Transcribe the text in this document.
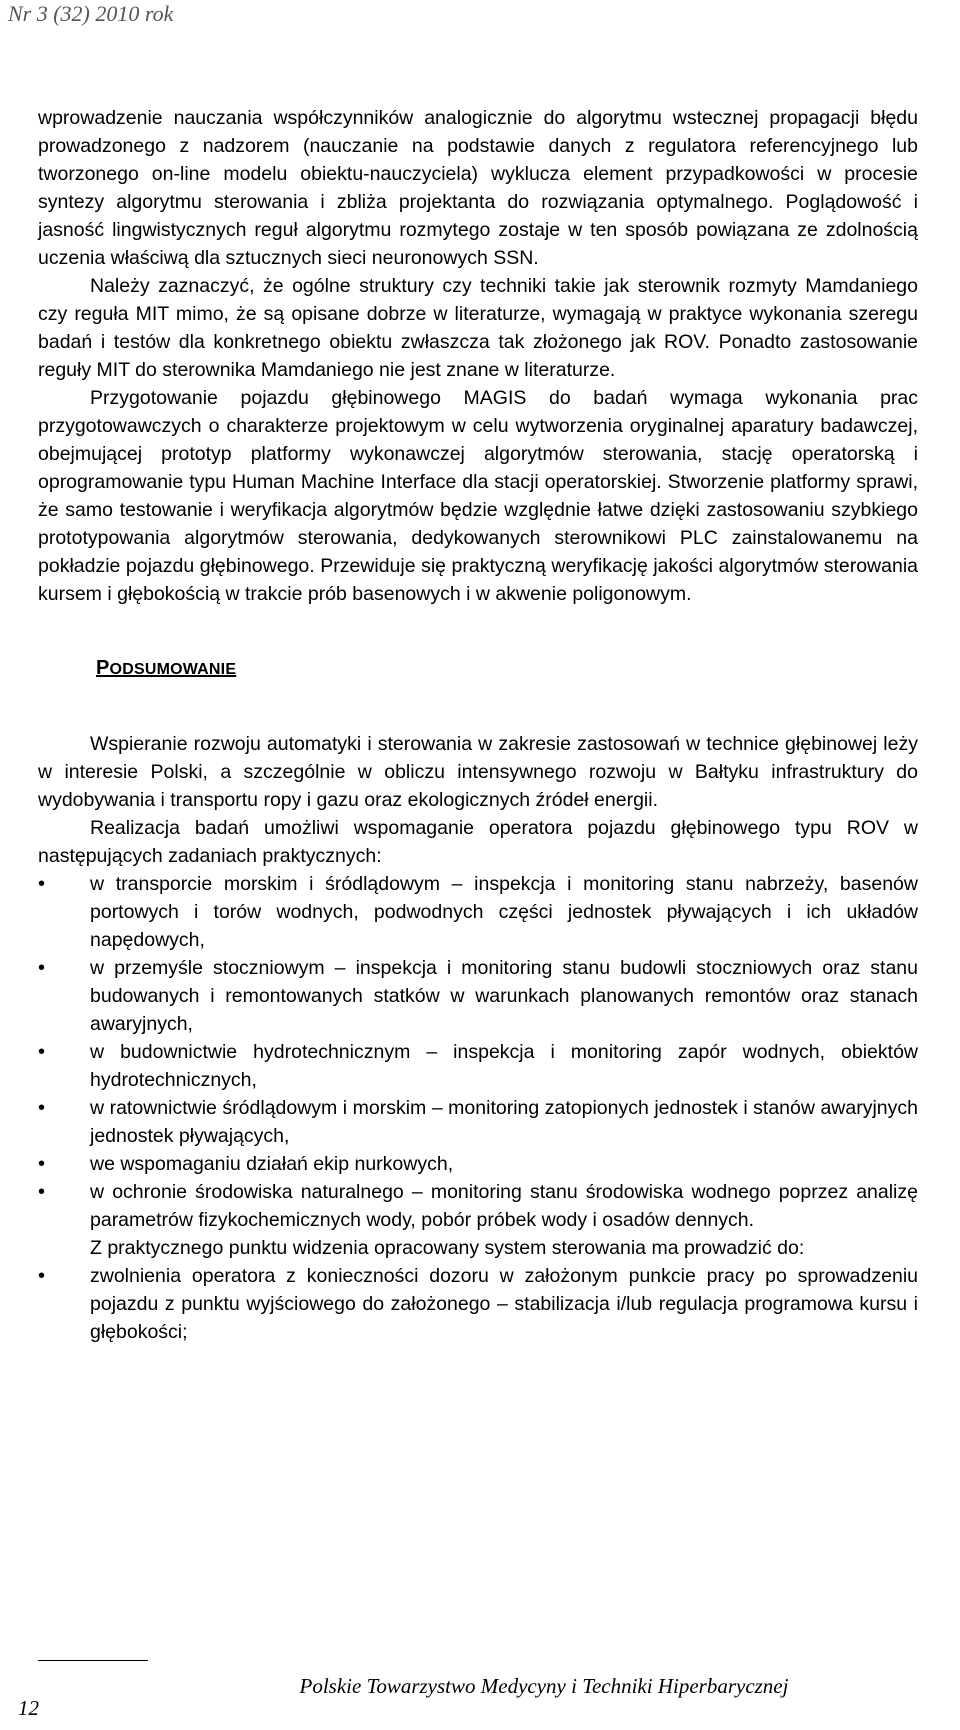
Nr 3 (32) 2010 rok

wprowadzenie nauczania współczynników analogicznie do algorytmu wstecznej propagacji błędu prowadzonego z nadzorem (nauczanie na podstawie danych z regulatora referencyjnego lub tworzonego on-line modelu obiektu-nauczyciela) wyklucza element przypadkowości w procesie syntezy algorytmu sterowania i zbliża projektanta do rozwiązania optymalnego. Poglądowość i jasność lingwistycznych reguł algorytmu rozmytego zostaje w ten sposób powiązana ze zdolnością uczenia właściwą dla sztucznych sieci neuronowych SSN.

Należy zaznaczyć, że ogólne struktury czy techniki takie jak sterownik rozmyty Mamdaniego czy reguła MIT mimo, że są opisane dobrze w literaturze, wymagają w praktyce wykonania szeregu badań i testów dla konkretnego obiektu zwłaszcza tak złożonego jak ROV. Ponadto zastosowanie reguły MIT do sterownika Mamdaniego nie jest znane w literaturze.

Przygotowanie pojazdu głębinowego MAGIS do badań wymaga wykonania prac przygotowawczych o charakterze projektowym w celu wytworzenia oryginalnej aparatury badawczej, obejmującej prototyp platformy wykonawczej algorytmów sterowania, stację operatorską i oprogramowanie typu Human Machine Interface dla stacji operatorskiej. Stworzenie platformy sprawi, że samo testowanie i weryfikacja algorytmów będzie względnie łatwe dzięki zastosowaniu szybkiego prototypowania algorytmów sterowania, dedykowanych sterownikowi PLC zainstalowanemu na pokładzie pojazdu głębinowego. Przewiduje się praktyczną weryfikację jakości algorytmów sterowania kursem i głębokością w trakcie prób basenowych i w akwenie poligonowym.

PODSUMOWANIE

Wspieranie rozwoju automatyki i sterowania w zakresie zastosowań w technice głębinowej leży w interesie Polski, a szczególnie w obliczu intensywnego rozwoju w Bałtyku infrastruktury do wydobywania i transportu ropy i gazu oraz ekologicznych źródeł energii.

Realizacja badań umożliwi wspomaganie operatora pojazdu głębinowego typu ROV w następujących zadaniach praktycznych:

• w transporcie morskim i śródlądowym – inspekcja i monitoring stanu nabrzeży, basenów portowych i torów wodnych, podwodnych części jednostek pływających i ich układów napędowych,
• w przemyśle stoczniowym – inspekcja i monitoring stanu budowli stoczniowych oraz stanu budowanych i remontowanych statków w warunkach planowanych remontów oraz stanach awaryjnych,
• w budownictwie hydrotechnicznym – inspekcja i monitoring zapór wodnych, obiektów hydrotechnicznych,
• w ratownictwie śródlądowym i morskim – monitoring zatopionych jednostek i stanów awaryjnych jednostek pływających,
• we wspomaganiu działań ekip nurkowych,
• w ochronie środowiska naturalnego – monitoring stanu środowiska wodnego poprzez analizę parametrów fizykochemicznych wody, pobór próbek wody i osadów dennych.

Z praktycznego punktu widzenia opracowany system sterowania ma prowadzić do:

• zwolnienia operatora z konieczności dozoru w założonym punkcie pracy po sprowadzeniu pojazdu z punktu wyjściowego do założonego – stabilizacja i/lub regulacja programowa kursu i głębokości;
Polskie Towarzystwo Medycyny i Techniki Hiperbarycznej
12
